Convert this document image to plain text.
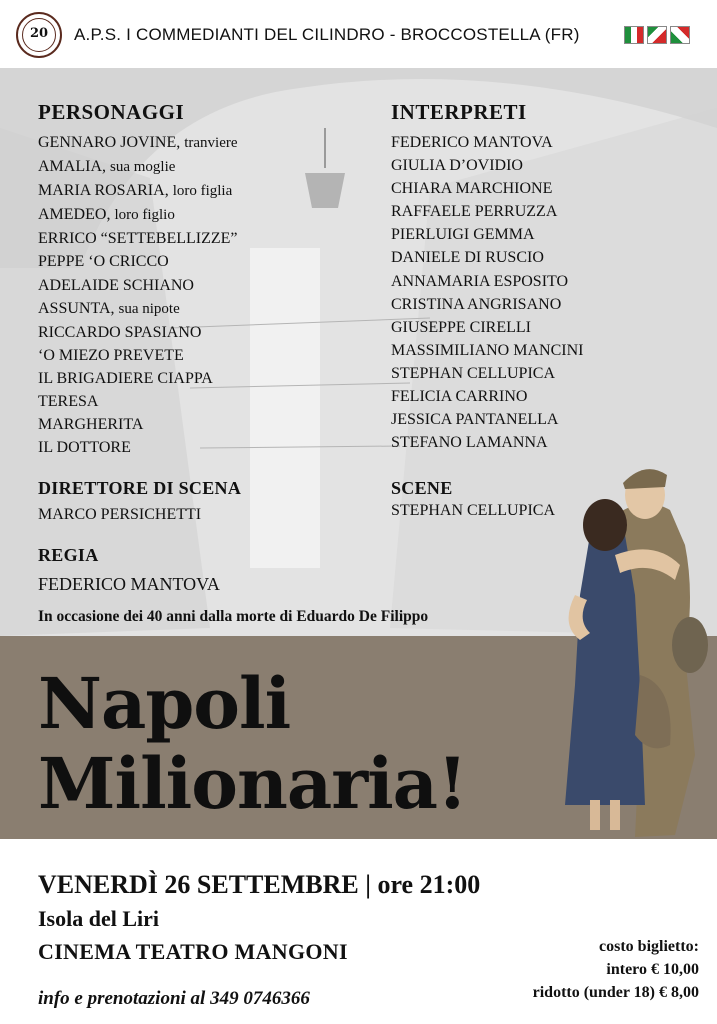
20	A.P.S. I COMMEDIANTI DEL CILINDRO - BROCCOSTELLA (FR)
PERSONAGGI	INTERPRETI
GENNARO JOVINE, tranviere
AMALIA, sua moglie
MARIA ROSARIA, loro figlia
AMEDEO, loro figlio
ERRICO “SETTEBELLIZZE”
PEPPE ‘O CRICCO
ADELAIDE SCHIANO
ASSUNTA, sua nipote
RICCARDO SPASIANO
‘O MIEZO PREVETE
IL BRIGADIERE CIAPPA
TERESA
MARGHERITA
IL DOTTORE
FEDERICO MANTOVA
GIULIA D’OVIDIO
CHIARA MARCHIONE
RAFFAELE PERRUZZA
PIERLUIGI GEMMA
DANIELE DI RUSCIO
ANNAMARIA ESPOSITO
CRISTINA ANGRISANO
GIUSEPPE CIRELLI
MASSIMILIANO MANCINI
STEPHAN CELLUPICA
FELICIA CARRINO
JESSICA PANTANELLA
STEFANO LAMANNA
DIRETTORE DI SCENA
MARCO PERSICHETTI
SCENE
STEPHAN CELLUPICA
REGIA
FEDERICO MANTOVA
In occasione dei 40 anni dalla morte di Eduardo De Filippo
Napoli
Milionaria!
VENERDÌ 26 SETTEMBRE | ore 21:00
Isola del Liri
CINEMA TEATRO MANGONI
info e prenotazioni al 349 0746366
costo biglietto:
intero € 10,00
ridotto (under 18) € 8,00
